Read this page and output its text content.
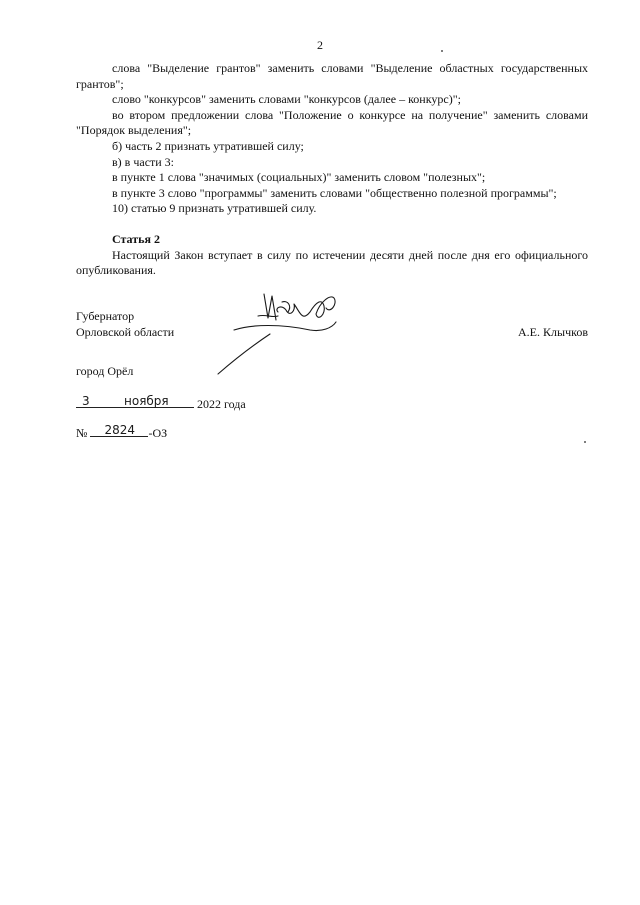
2

слова "Выделение грантов" заменить словами "Выделение областных государственных грантов";

слово "конкурсов" заменить словами "конкурсов (далее – конкурс)";

во втором предложении слова "Положение о конкурсе на получение" заменить словами "Порядок выделения";

б) часть 2 признать утратившей силу;

в) в части 3:

в пункте 1 слова "значимых (социальных)" заменить словом "полезных";

в пункте 3 слово "программы" заменить словами "общественно полезной программы";

10) статью 9 признать утратившей силу.

Статья 2

Настоящий Закон вступает в силу по истечении десяти дней после дня его официального опубликования.

Губернатор
Орловской области	А.Е. Клычков
город Орёл
3	ноября 2022 года
№ 2824 -ОЗ
